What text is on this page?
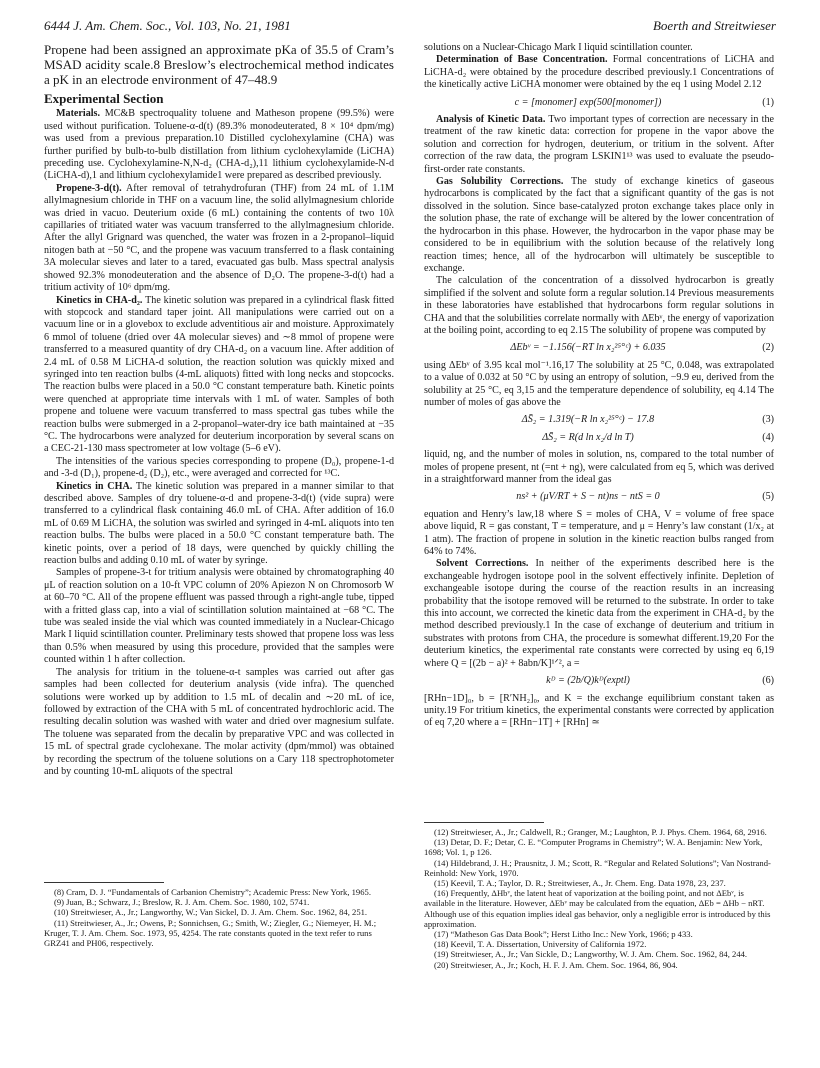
6444 J. Am. Chem. Soc., Vol. 103, No. 21, 1981	Boerth and Streitwieser

Propene had been assigned an approximate pKa of 35.5 of Cram’s MSAD acidity scale.8 Breslow’s electrochemical method indicates a pK in an electrode environment of 47–48.9

Experimental Section

Materials. MC&B spectroquality toluene and Matheson propene (99.5%) were used without purification. Toluene-α-d(t) (89.3% monodeuterated, 8 × 10⁴ dpm/mg) was used from a previous preparation.10 Distilled cyclohexylamine (CHA) was further purified by bulb-to-bulb distillation from lithium cyclohexylamide (LiCHA) preceding use. Cyclohexylamine-N,N-d₂ (CHA-d₂),11 lithium cyclohexylamide-N-d (LiCHA-d),1 and lithium cyclohexylamide1 were prepared as described previously.

Propene-3-d(t). After removal of tetrahydrofuran (THF) from 24 mL of 1.1M allylmagnesium chloride in THF on a vacuum line, the solid allylmagnesium chloride was dried in vacuo. Deuterium oxide (6 mL) containing the contents of two 10λ capillaries of tritiated water was vacuum transferred to the allylmagnesium chloride. After the allyl Grignard was quenched, the water was frozen in a 2-propanol–liquid nitogen bath at −50 °C, and the propene was vacuum transferred to a flask containing 3A molecular sieves and later to a tared, evacuated gas bulb. Mass spectral analysis showed 92.3% monodeuteration and the absence of D₂O. The propene-3-d(t) had a tritium activity of 10⁶ dpm/mg.

Kinetics in CHA-d₂. The kinetic solution was prepared in a cylindrical flask fitted with stopcock and standard taper joint. All manipulations were carried out on a vacuum line or in a glovebox to exclude adventitious air and moisture. Approximately 6 mmol of toluene (dried over 4A molecular sieves) and ∼8 mmol of propene were transferred to a measured quantity of dry CHA-d₂ on a vacuum line. After addition of 2.4 mL of 0.58 M LiCHA-d solution, the reaction solution was quickly mixed and syringed into ten reaction bulbs (4-mL aliquots) fitted with long necks and stopcocks. The reaction bulbs were placed in a 50.0 °C constant temperature bath. Kinetic points were quenched at appropriate time intervals with 1 mL of water. Samples of both propene and toluene were vacuum transferred to mass spectral gas tubes while the reaction bulbs were submerged in a 2-propanol–water-dry ice bath maintained at −35 °C. The hydrocarbons were analyzed for deuterium incorporation by several scans on a CEC-21-130 mass spectrometer at low voltage (5–6 eV).

The intensities of the various species corresponding to propene (D₀), propene-1-d and -3-d (D₁), propene-d₂ (D₂), etc., were averaged and corrected for ¹³C.

Kinetics in CHA. The kinetic solution was prepared in a manner similar to that described above. Samples of dry toluene-α-d and propene-3-d(t) (vide supra) were transferred to a cylindrical flask containing 46.0 mL of CHA. After addition of 16.0 mL of 0.69 M LiCHA, the solution was swirled and syringed in 4-mL aliquots into ten reaction bulbs. The bulbs were placed in a 50.0 °C constant temperature bath. The kinetic points, over a period of 18 days, were quenched by quickly chilling the reaction bulbs and adding 0.10 mL of water by syringe.

Samples of propene-3-t for tritium analysis were obtained by chromatographing 40 μL of reaction solution on a 10-ft VPC column of 20% Apiezon N on Chromosorb W at 60–70 °C. All of the propene effluent was passed through a right-angle tube, tipped with a fritted glass cap, into a vial of scintillation solution maintained at −68 °C. The tube was sealed inside the vial which was counted immediately in a Nuclear-Chicago Mark I liquid scintillation counter. Preliminary tests showed that propene loss was less than 0.5% when measured by using this procedure, provided that the samples were counted within 1 h after collection.

The analysis for tritium in the toluene-α-t samples was carried out after gas samples had been collected for deuterium analysis (vide infra). The quenched solutions were worked up by addition to 1.5 mL of decalin and ∼20 mL of ice, followed by extraction of the CHA with 5 mL of concentrated hydrochloric acid. The resulting decalin solution was washed with water and dried over magnesium sulfate. The toluene was separated from the decalin by preparative VPC and was collected in 15 mL of spectral grade cyclohexane. The molar activity (dpm/mmol) was obtained by recording the spectrum of the toluene solutions on a Cary 118 spectrophotometer and by counting 10-mL aliquots of the spectral

(8) Cram, D. J. “Fundamentals of Carbanion Chemistry”; Academic Press: New York, 1965.
(9) Juan, B.; Schwarz, J.; Breslow, R. J. Am. Chem. Soc. 1980, 102, 5741.
(10) Streitwieser, A., Jr.; Langworthy, W.; Van Sickel, D. J. Am. Chem. Soc. 1962, 84, 251.
(11) Streitwieser, A., Jr.; Owens, P.; Sonnichsen, G.; Smith, W.; Ziegler, G.; Niemeyer, H. M.; Kruger, T. J. Am. Chem. Soc. 1973, 95, 4254. The rate constants quoted in the text refer to runs GRZ41 and PH06, respectively.

solutions on a Nuclear-Chicago Mark I liquid scintillation counter.

Determination of Base Concentration. Formal concentrations of LiCHA and LiCHA-d₂ were obtained by the procedure described previously.1 Concentrations of the kinetically active LiCHA monomer were obtained by the eq 1 using Model 2.12

c = [monomer] exp(500[monomer])	(1)

Analysis of Kinetic Data. Two important types of correction are necessary in the treatment of the raw kinetic data: correction for propene in the vapor above the solution and correction for hydrogen, deuterium, or tritium in the solvent. After correction of the raw data, the program LSKIN1¹³ was used to evaluate the pseudo-first-order rate constants.

Gas Solubility Corrections. The study of exchange kinetics of gaseous hydrocarbons is complicated by the fact that a significant quantity of the gas is not dissolved in the solution. Since base-catalyzed proton exchange takes place only in the solution phase, the rate of exchange will be altered by the lower concentration of the hydrocarbon in this phase. However, the hydrocarbon in the vapor phase may be considered to be in equilibrium with the solution because of the relatively long reaction times; hence, all of the hydrocarbon will ultimately be susceptible to exchange.

The calculation of the concentration of a dissolved hydrocarbon is greatly simplified if the solvent and solute form a regular solution.14 Previous measurements in these laboratories have established that hydrocarbons form regular solutions in CHA and that the solubilities correlate normally with ΔEbᵛ, the energy of vaporization at the boiling point, according to eq 2.15 The solubility of propene was computed by

ΔEbᵛ = −1.156(−RT ln x₂²⁵°ᶜ) + 6.035	(2)

using ΔEbᵛ of 3.95 kcal mol⁻¹.16,17 The solubility at 25 °C, 0.048, was extrapolated to a value of 0.032 at 50 °C by using an entropy of solution, −9.9 eu, derived from the solubility at 25 °C, eq 3,15 and the temperature dependence of solubility, eq 4.14 The number of moles of gas above the

ΔS̄₂ = 1.319(−R ln x₂²⁵°ᶜ) − 17.8	(3)
ΔS̄₂ = R(d ln x₂/d ln T)	(4)

liquid, ng, and the number of moles in solution, ns, compared to the total number of moles of propene present, nt (=nt + ng), were calculated from eq 5, which was derived in a straightforward manner from the ideal gas

ns² + (μV/RT + S − nt)ns − ntS = 0	(5)

equation and Henry’s law,18 where S = moles of CHA, V = volume of free space above liquid, R = gas constant, T = temperature, and μ = Henry’s law constant (1/x₂ at 1 atm). The fraction of propene in solution in the kinetic reaction bulbs ranged from 64% to 74%.

Solvent Corrections. In neither of the experiments described here is the exchangeable hydrogen isotope pool in the solvent effectively infinite. Depletion of exchangeable isotope during the course of the reaction results in an increasing probability that the isotope removed will be returned to the substrate. In order to take this into account, we corrected the kinetic data from the experiment in CHA-d₂ by the method described previously.1 In the case of exchange of deuterium and tritium in substrates with protons from CHA, the procedure is somewhat different.19,20 For the deuterium kinetics, the experimental rate constants were corrected by using eq 6,19 where Q = [(2b − a)² + 8abn/K]¹ᐟ², a =

kᴰ = (2b/Q)kᴰ(exptl)	(6)

[RHn−1D]₀, b = [R′NH₂]₀, and K = the exchange equilibrium constant taken as unity.19 For tritium kinetics, the experimental constants were corrected by application of eq 7,20 where a = [RHn−1T] + [RHn] ≃

(12) Streitwieser, A., Jr.; Caldwell, R.; Granger, M.; Laughton, P. J. Phys. Chem. 1964, 68, 2916.
(13) Detar, D. F.; Detar, C. E. “Computer Programs in Chemistry”; W. A. Benjamin: New York, 1698; Vol. 1, p 126.
(14) Hildebrand, J. H.; Prausnitz, J. M.; Scott, R. “Regular and Related Solutions”; Van Nostrand-Reinhold: New York, 1970.
(15) Keevil, T. A.; Taylor, D. R.; Streitwieser, A., Jr. Chem. Eng. Data 1978, 23, 237.
(16) Frequently, ΔHbᵛ, the latent heat of vaporization at the boiling point, and not ΔEbᵛ, is available in the literature. However, ΔEbᵛ may be calculated from the equation, ΔEb = ΔHb − nRT. Although use of this equation implies ideal gas behavior, only a negligible error is introduced by this approximation.
(17) “Matheson Gas Data Book”; Herst Litho Inc.: New York, 1966; p 433.
(18) Keevil, T. A. Dissertation, University of California 1972.
(19) Streitwieser, A., Jr.; Van Sickle, D.; Langworthy, W. J. Am. Chem. Soc. 1962, 84, 244.
(20) Streitwieser, A., Jr.; Koch, H. F. J. Am. Chem. Soc. 1964, 86, 904.
